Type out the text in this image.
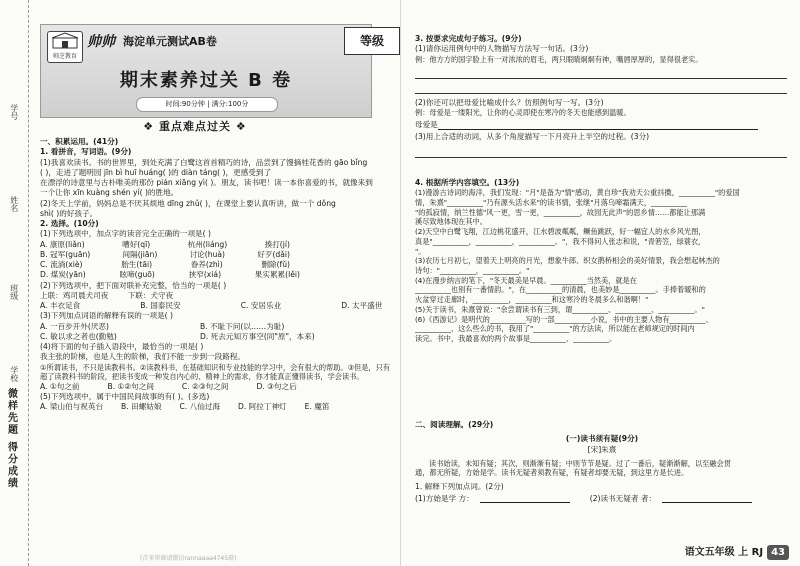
学号
姓名
班级
学校
微样先题 得分成绩
帅芝教育
帅帅 海淀单元测试AB卷	等级
期末素养过关 B 卷
时间:90分钟 | 满分:100分
❖ 重点难点过关 ❖
一、积累运用。(41分)
1. 看拼音，写词语。(9分)
(1)我喜欢读书。书的世界里，到处充满了白鹭这首首精巧的诗，品尝到了馒摘桂花香的 gāo bǐng
( )，走进了题明园 jīn bì huī huáng( )的 diàn táng( )，更感受到了
在漂浮的诗意里与古朴唯美的那份 pián xiāng yì( )。朋友，读书吧！读一本你喜爱的书，就像来到
一个让你 xīn kuàng shén yí( )的胜地。
(2)冬天上学前，妈妈总是不厌其烦地 dīng zhǔ( )，在课堂上要认真听讲，做一个 dǒng
shì( )的好孩子。
2. 选择。(10分)
(1)下列选项中，加点字的读音完全正确的一项是( )
A. 康原(liǎn)	嘈好(qī)	杭州(liáng)	揍打(jí)
B. 冠军(guān)	间隔(jiān)	讨论(huà)	好歹(dǎi)
C. 流淌(xiè)	胎生(tāi)	眷养(zhì)	删除(fǔ)
D. 煤炭(yān)	眩啼(guō)	挟窄(xiá)	果实累累(lěi)
(2)下列选项中，把下面对联补充完整，恰当的一项是( )
上联：鸡司晨犬司夜	下联：犬守夜
A. 丰衣足食	B. 国泰民安	C. 安居乐业	D. 太平盛世
(3)下列加点词语的解释有误的一项是( )
A. 一百步开外(厌恶)	B. 不耻下问(以……为耻)
C. 敏以求之者也(勤勉)	D. 死去元知万事空(同"原"，本来)
(4)将下面的句子插入语段中，最恰当的一项是( )
我主张的阶梯，也是人生的阶梯，我们不能一步到一段路程。
①所谓读书，不只是读教科书。②读教科书，在基础知识和专业技能的学习中，会有很大的帮助。③但是，只有超了读教科书的阶段，把读书变成一种发自内心的、精神上的需求，你才能真正懂得读书，学会读书。
A. ①句之前	B. ①②句之间	C. ②③句之间	D. ③句之后
(5)下列选项中，属于中国民间故事的有( )。(多选)
A. 梁山伯与祝英台 B. 田螺姑娘 C. 八仙过海 D. 阿拉丁神灯 E. 魔笛
(首多资源请微信rannaaaa4745联)
3. 按要求完成句子练习。(9分)
(1)请你运用例句中的人物描写方法写一句话。(3分)
例：他方方的国字脸上有一对浓浓的眉毛，两只眼睛炯炯有神，嘴唇厚厚的，显得很老实。
(2)你还可以把母爱比喻成什么？仿照例句写一写。(3分)
例：母爱是一缕阳光，让你的心灵即使在寒冷的冬天也能感到温暖。
母爱是
(3)用上合适的动词，从多个角度描写一下月亮升上半空的过程。(3分)
4. 根据所学内容填空。(13分)
(1)漫游古诗词的海洋，我们发现："月"是备为"情"感动，黄自珍"我劝天公重抖擞，__________"的爱国
情，朱熹"__________"乃有源头活水来"的读书情，张继"月落乌啼霜满天，__________
"的孤寂情，纳兰性德"风一更，雪一更，__________，故园无此声"的思乡情……都能让那满
溪尽致地体现在其中。
(2)天空中白鹭飞翔，江边桃花盛开，江水碧波粼粼，鳜鱼跳跃，好一幅宜人的水乡风光图，
真是"__________，__________，__________。"，我不得问人张志和说，"青箬笠，绿蓑衣，
"。
(3)农历七月初七，望着天上明亮的月光，想象牛郎、织女鹊桥相会的美好情景，我会想起林杰的
诗句："__________，__________。"
(4)在漫步纳言的笔下，"冬天最美是早晨。__________当然美，就是在
__________也别有一番情韵。"，在__________的清晨，也美妙是__________。手捧着暖和的
火盆穿过走廊时，__________，__________和这寒冷的冬晨多么和谐啊！"
(5)关于读书，朱熹曾说："余尝谓读书有三到，谓__________、__________、__________。"
(6)《西游记》是明代的__________写的一部__________小说，书中的主要人物有__________、
__________、这么些么的书，我用了"__________"的方法读，所以能在老师规定的时间内
读完。书中，我最喜欢的两个故事是__________、__________。
二、阅读理解。(29分)
(一)读书须有疑(9分)
[宋]朱熹
读书始读，未知有疑；其次，则渐渐有疑；中则节节是疑。过了一番后，疑渐渐解，以至融会贯
通，都无所疑，方始是学。读书无疑者须教有疑，有疑者却要无疑，到这里方是长进。
1. 解释下列加点词。(2分)
(1)方始是学 方：	(2)读书无疑者 者：
语文五年级 上 RJ 43
